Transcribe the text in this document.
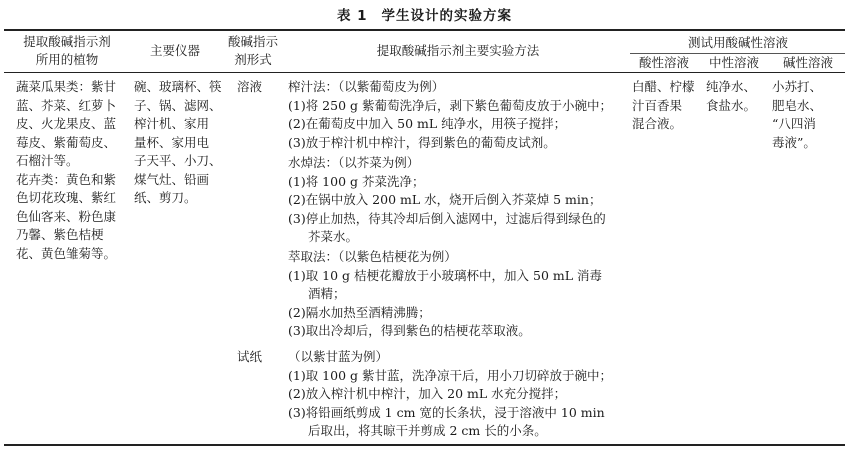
表 1 学生设计的实验方案
提取酸碱指示剂
所用的植物
主要仪器
酸碱指示
剂形式
提取酸碱指示剂主要实验方法
测试用酸碱性溶液
酸性溶液	中性溶液	碱性溶液
蔬菜瓜果类：紫甘
蓝、芥菜、红萝卜
皮、火龙果皮、蓝
莓皮、紫葡萄皮、
石榴汁等。
花卉类：黄色和紫
色切花玫瑰、紫红
色仙客来、粉色康
乃馨、紫色桔梗
花、黄色雏菊等。
碗、玻璃杯、筷
子、锅、滤网、
榨汁机、家用
量杯、家用电
子天平、小刀、
煤气灶、铅画
纸、剪刀。
溶液
试纸
榨汁法：（以紫葡萄皮为例）
(1)将 250 g 紫葡萄洗净后，剥下紫色葡萄皮放于小碗中；
(2)在葡萄皮中加入 50 mL 纯净水，用筷子搅拌；
(3)放于榨汁机中榨汁，得到紫色的葡萄皮试剂。
水焯法：（以芥菜为例）
(1)将 100 g 芥菜洗净；
(2)在锅中放入 200 mL 水，烧开后倒入芥菜焯 5 min；
(3)停止加热，待其冷却后倒入滤网中，过滤后得到绿色的
芥菜水。
萃取法：（以紫色桔梗花为例）
(1)取 10 g 桔梗花瓣放于小玻璃杯中，加入 50 mL 消毒
酒精；
(2)隔水加热至酒精沸腾；
(3)取出冷却后，得到紫色的桔梗花萃取液。
（以紫甘蓝为例）
(1)取 100 g 紫甘蓝，洗净凉干后，用小刀切碎放于碗中；
(2)放入榨汁机中榨汁，加入 20 mL 水充分搅拌；
(3)将铅画纸剪成 1 cm 宽的长条状，浸于溶液中 10 min
后取出，将其晾干并剪成 2 cm 长的小条。
白醋、柠檬
汁百香果
混合液。
纯净水、
食盐水。
小苏打、
肥皂水、
“八四消
毒液”。
